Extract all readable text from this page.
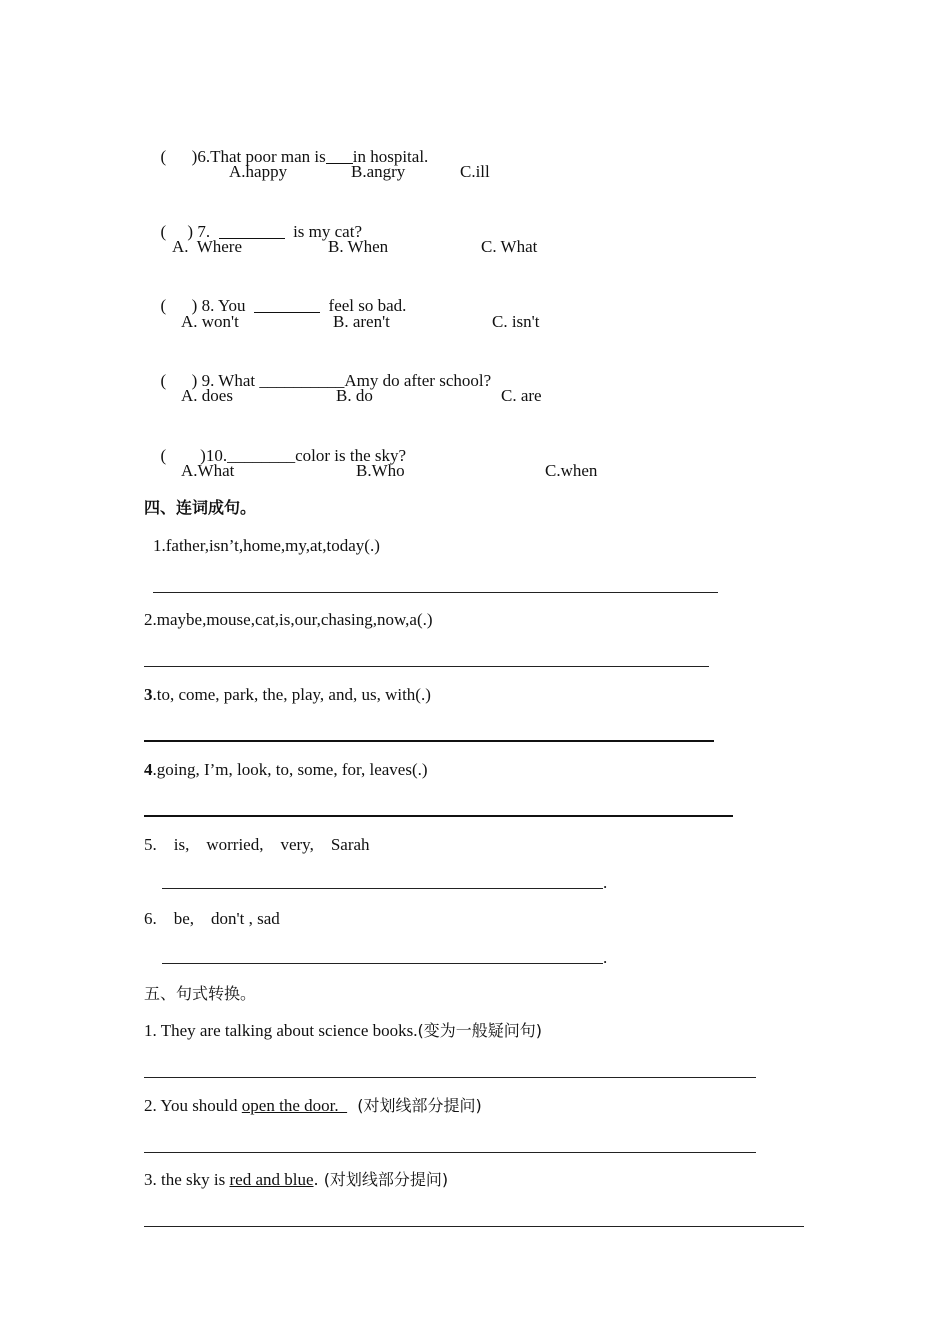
(      )6.That poor man is in hospital.

A.happy	B.angry	C.ill

(     ) 7.	is my cat?

A.  Where	B. When	C. What

(      ) 8. You	feel so bad.

A. won't	B. aren't	C. isn't

(      ) 9. What __________Amy do after school?

A. does	B. do	C. are

(        )10.________color is the sky?

A.What	B.Who	C.when
四、连词成句。
1.father,isn’t,home,my,at,today(.)
2.maybe,mouse,cat,is,our,chasing,now,a(.)
3.to, come, park, the, play, and, us, with(.)
4.going, I’m, look, to, some, for, leaves(.)
5. is, worried, very, Sarah
.
6. be, don't , sad
.
五、句式转换。
1. They are talking about science books.(变为一般疑问句)
2. You should open the door.    (对划线部分提问)
3. the sky is red and blue. (对划线部分提问)
